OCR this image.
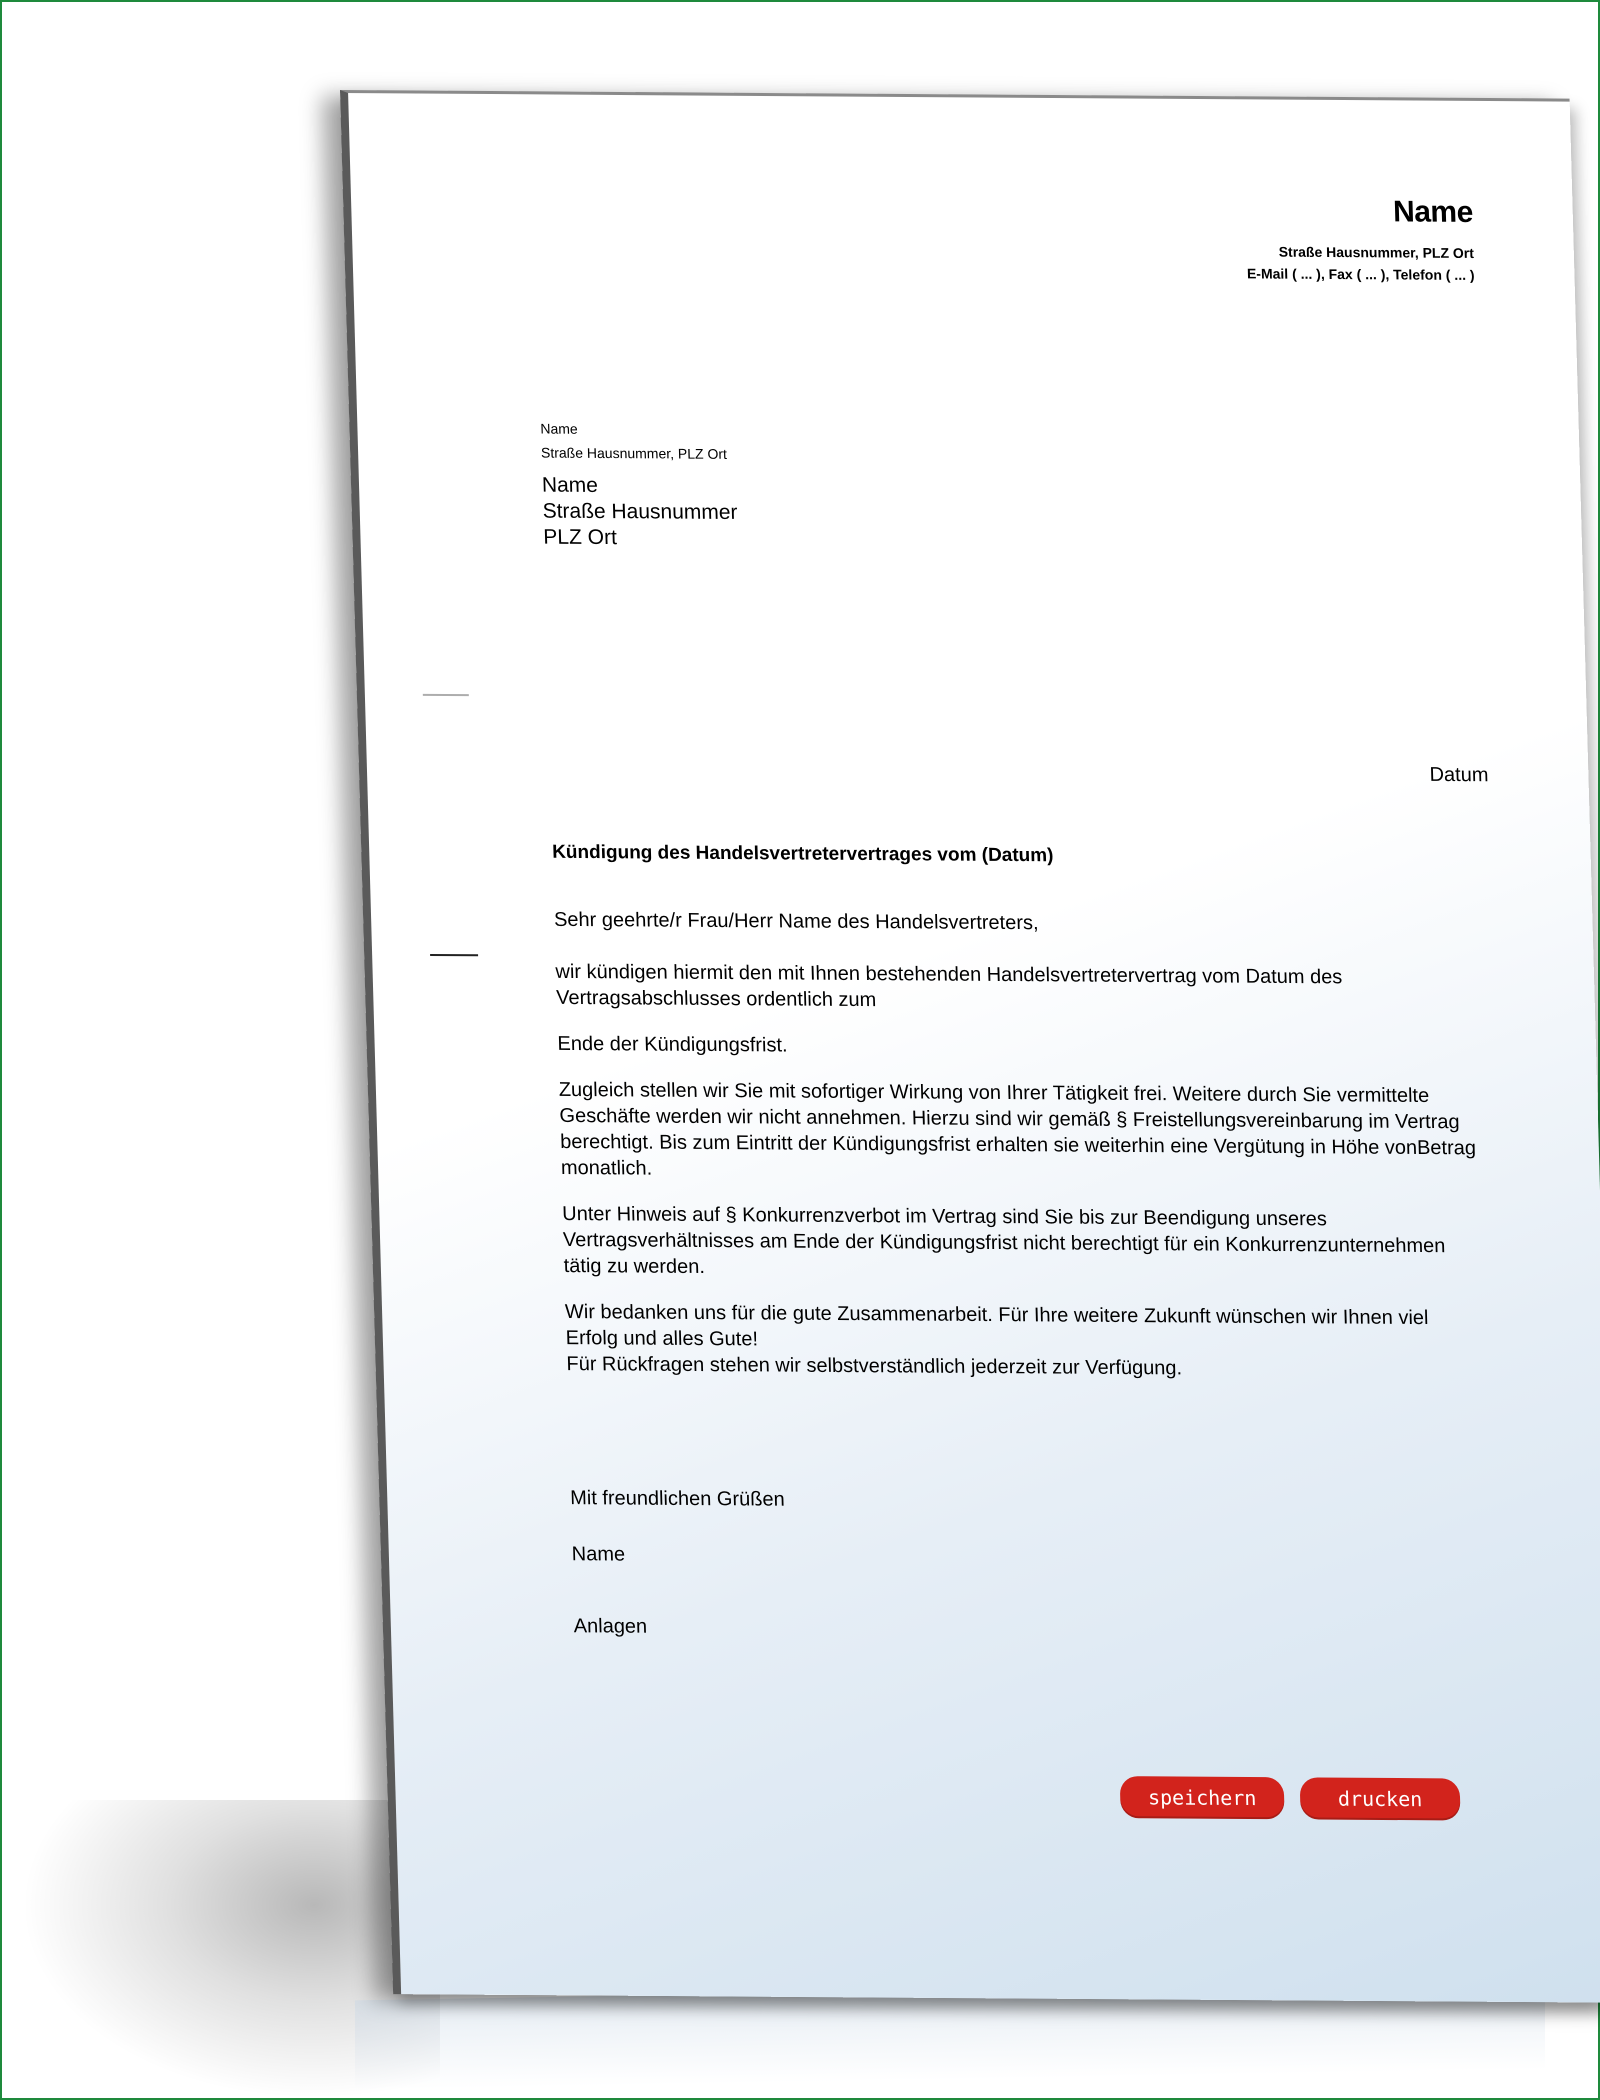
Name
Straße Hausnummer, PLZ Ort
E-Mail ( ... ), Fax ( ... ), Telefon ( ... )
Name
Straße Hausnummer, PLZ Ort
Name
Straße Hausnummer
PLZ Ort
Datum
Kündigung des Handelsvertretervertrages vom (Datum)

Sehr geehrte/r Frau/Herr Name des Handelsvertreters,

wir kündigen hiermit den mit Ihnen bestehenden Handelsvertretervertrag vom Datum des Vertragsabschlusses ordentlich zum

Ende der Kündigungsfrist.

Zugleich stellen wir Sie mit sofortiger Wirkung von Ihrer Tätigkeit frei. Weitere durch Sie vermittelte Geschäfte werden wir nicht annehmen. Hierzu sind wir gemäß § Freistellungsvereinbarung im Vertrag berechtigt. Bis zum Eintritt der Kündigungsfrist erhalten sie weiterhin eine Vergütung in Höhe vonBetrag monatlich.

Unter Hinweis auf § Konkurrenzverbot im Vertrag sind Sie bis zur Beendigung unseres Vertragsverhältnisses am Ende der Kündigungsfrist nicht berechtigt für ein Konkurrenzunternehmen tätig zu werden.

Wir bedanken uns für die gute Zusammenarbeit. Für Ihre weitere Zukunft wünschen wir Ihnen viel Erfolg und alles Gute!

Für Rückfragen stehen wir selbstverständlich jederzeit zur Verfügung.

Mit freundlichen Grüßen
Name
Anlagen
speichern	drucken
